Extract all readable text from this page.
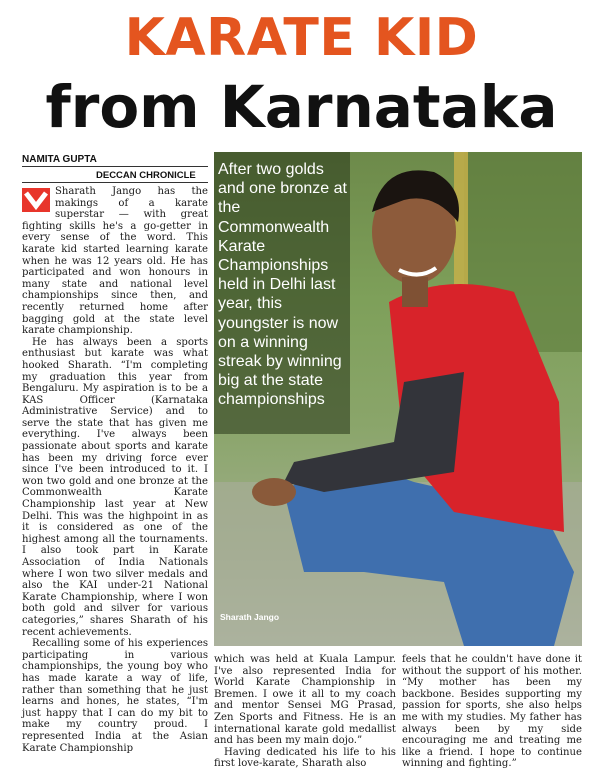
KARATE KID
from Karnataka
NAMITA GUPTA
DECCAN CHRONICLE After two golds and one bronze at the Commonwealth Karate Championships held in Delhi last year, this youngster is now on a winning streak by winning big at the state championships
Sharath Jango

Sharath Jango has the makings of a karate superstar — with great fighting skills he's a go-getter in every sense of the word. This karate kid started learning karate when he was 12 years old. He has participated and won honours in many state and national level championships since then, and recently returned home after bagging gold at the state level karate championship.

He has always been a sports enthusiast but karate was what hooked Sharath. “I'm completing my graduation this year from Bengaluru. My aspiration is to be a KAS Officer (Karnataka Administrative Service) and to serve the state that has given me everything. I've always been passionate about sports and karate has been my driving force ever since I've been introduced to it. I won two gold and one bronze at the Commonwealth Karate Championship last year at New Delhi. This was the highpoint in as it is considered as one of the highest among all the tournaments. I also took part in Karate Association of India Nationals where I won two silver medals and also the KAI under-21 National Karate Championship, where I won both gold and silver for various categories,” shares Sharath of his recent achievements.

Recalling some of his experiences participating in various championships, the young boy who has made karate a way of life, rather than something that he just learns and hones, he states, “I'm just happy that I can do my bit to make my country proud. I represented India at the Asian Karate Championship

which was held at Kuala Lampur. I've also represented India for World Karate Championship in Bremen. I owe it all to my coach and mentor Sensei MG Prasad, Zen Sports and Fitness. He is an international karate gold medallist and has been my main dojo.”

Having dedicated his life to his first love-karate, Sharath also

feels that he couldn't have done it without the support of his mother. “My mother has been my backbone. Besides supporting my passion for sports, she also helps me with my studies. My father has always been by my side encouraging me and treating me like a friend. I hope to continue winning and fighting.”
